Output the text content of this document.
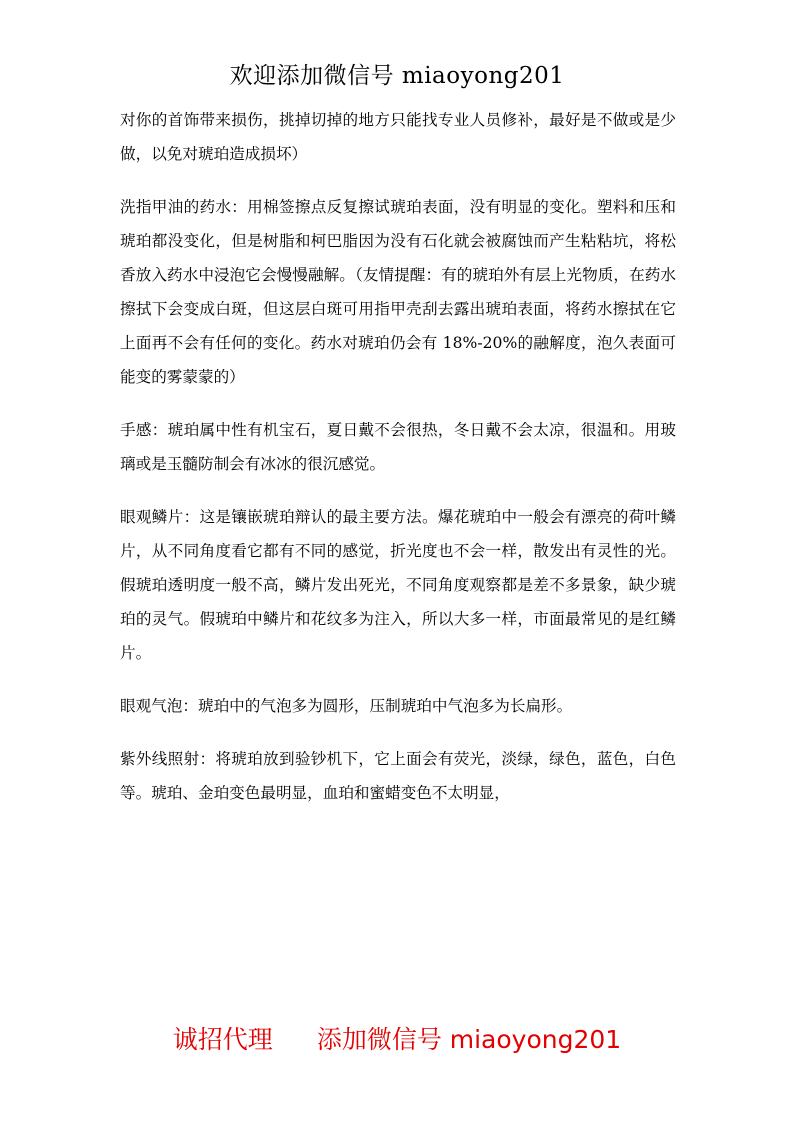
欢迎添加微信号 miaoyong201

对你的首饰带来损伤，挑掉切掉的地方只能找专业人员修补，最好是不做或是少做，以免对琥珀造成损坏）

洗指甲油的药水：用棉签擦点反复擦试琥珀表面，没有明显的变化。塑料和压和琥珀都没变化，但是树脂和柯巴脂因为没有石化就会被腐蚀而产生粘粘坑，将松香放入药水中浸泡它会慢慢融解。（友情提醒：有的琥珀外有层上光物质，在药水擦拭下会变成白斑，但这层白斑可用指甲壳刮去露出琥珀表面，将药水擦拭在它上面再不会有任何的变化。药水对琥珀仍会有 18%-20%的融解度，泡久表面可能变的雾蒙蒙的）

手感：琥珀属中性有机宝石，夏日戴不会很热，冬日戴不会太凉，很温和。用玻璃或是玉髓防制会有冰冰的很沉感觉。

眼观鳞片：这是镶嵌琥珀辩认的最主要方法。爆花琥珀中一般会有漂亮的荷叶鳞片，从不同角度看它都有不同的感觉，折光度也不会一样，散发出有灵性的光。假琥珀透明度一般不高，鳞片发出死光，不同角度观察都是差不多景象，缺少琥珀的灵气。假琥珀中鳞片和花纹多为注入，所以大多一样，市面最常见的是红鳞片。

眼观气泡：琥珀中的气泡多为圆形，压制琥珀中气泡多为长扁形。

紫外线照射：将琥珀放到验钞机下，它上面会有荧光，淡绿，绿色，蓝色，白色等。琥珀、金珀变色最明显，血珀和蜜蜡变色不太明显，

诚招代理 添加微信号 miaoyong201
